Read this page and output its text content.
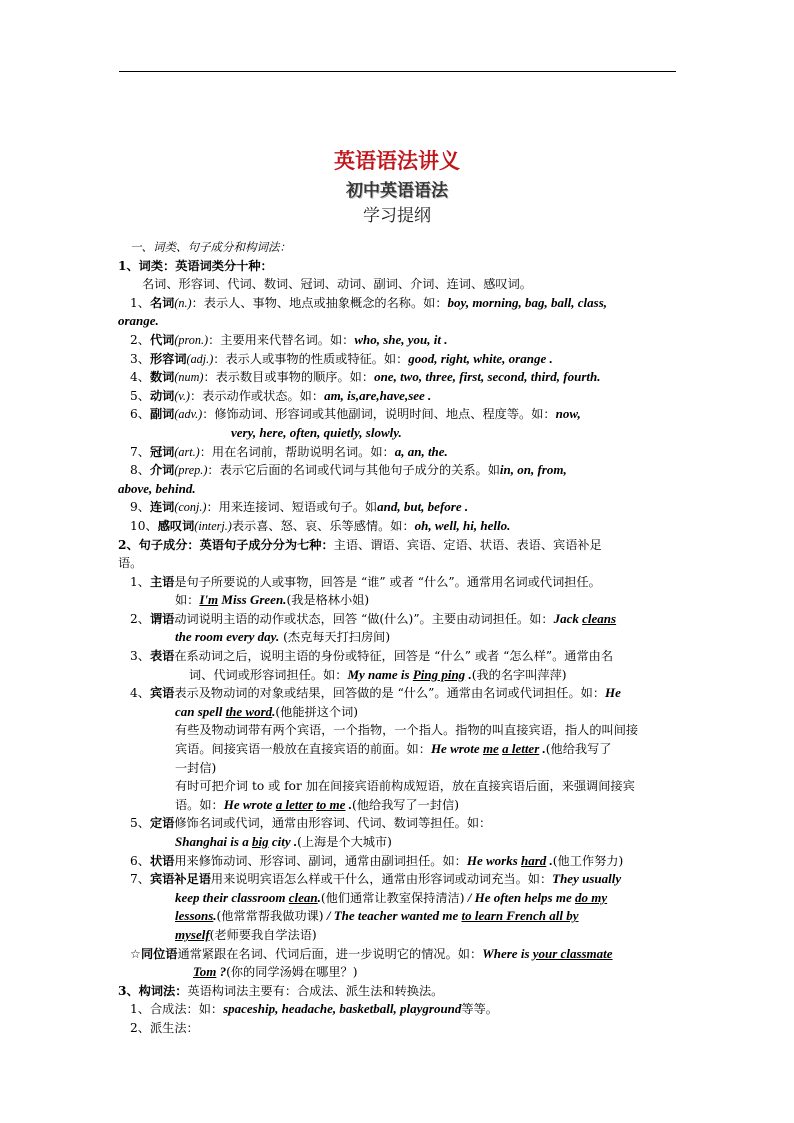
英语语法讲义
初中英语语法
学习提纲

一、词类、句子成分和构词法：

1、词类：英语词类分十种：

名词、形容词、代词、数词、冠词、动词、副词、介词、连词、感叹词。

1、名词(n.)：表示人、事物、地点或抽象概念的名称。如：boy, morning, bag, ball, class,

orange.

2、代词(pron.)：主要用来代替名词。如：who, she, you, it .

3、形容词(adj.)：表示人或事物的性质或特征。如：good, right, white, orange .

4、数词(num)：表示数目或事物的顺序。如：one, two, three, first, second, third, fourth.

5、动词(v.)：表示动作或状态。如：am, is,are,have,see .

6、副词(adv.)：修饰动词、形容词或其他副词，说明时间、地点、程度等。如：now,

very, here, often, quietly, slowly.

7、冠词(art.)：用在名词前，帮助说明名词。如：a, an, the.

8、介词(prep.)：表示它后面的名词或代词与其他句子成分的关系。如in, on, from,

above, behind.

9、连词(conj.)：用来连接词、短语或句子。如and, but, before .

10、感叹词(interj.)表示喜、怒、哀、乐等感情。如：oh, well, hi, hello.

2、句子成分：英语句子成分分为七种：主语、谓语、宾语、定语、状语、表语、宾语补足

语。

1、主语是句子所要说的人或事物，回答是 “谁” 或者 “什么”。通常用名词或代词担任。

如：I'm Miss Green.(我是格林小姐)

2、谓语动词说明主语的动作或状态，回答 “做(什么)”。主要由动词担任。如：Jack cleans

the room every day. (杰克每天打扫房间)

3、表语在系动词之后，说明主语的身份或特征，回答是 “什么” 或者 “怎么样”。通常由名

词、代词或形容词担任。如：My name is Ping ping .(我的名字叫萍萍)

4、宾语表示及物动词的对象或结果，回答做的是 “什么”。通常由名词或代词担任。如：He

can spell the word.(他能拼这个词)

有些及物动词带有两个宾语，一个指物，一个指人。指物的叫直接宾语，指人的叫间接

宾语。间接宾语一般放在直接宾语的前面。如：He wrote me a letter .(他给我写了

一封信)

有时可把介词 to 或 for 加在间接宾语前构成短语，放在直接宾语后面，来强调间接宾

语。如：He wrote a letter to me .(他给我写了一封信)

5、定语修饰名词或代词，通常由形容词、代词、数词等担任。如：

Shanghai is a big city .(上海是个大城市)

6、状语用来修饰动词、形容词、副词，通常由副词担任。如：He works hard .(他工作努力)

7、宾语补足语用来说明宾语怎么样或干什么，通常由形容词或动词充当。如：They usually

keep their classroom clean.(他们通常让教室保持清洁) / He often helps me do my

lessons.(他常常帮我做功课) / The teacher wanted me to learn French all by

myself(老师要我自学法语)

☆同位语通常紧跟在名词、代词后面，进一步说明它的情况。如：Where is your classmate

Tom ?(你的同学汤姆在哪里？)

3、构词法：英语构词法主要有：合成法、派生法和转换法。

1、合成法：如：spaceship, headache, basketball, playground等等。

2、派生法：
